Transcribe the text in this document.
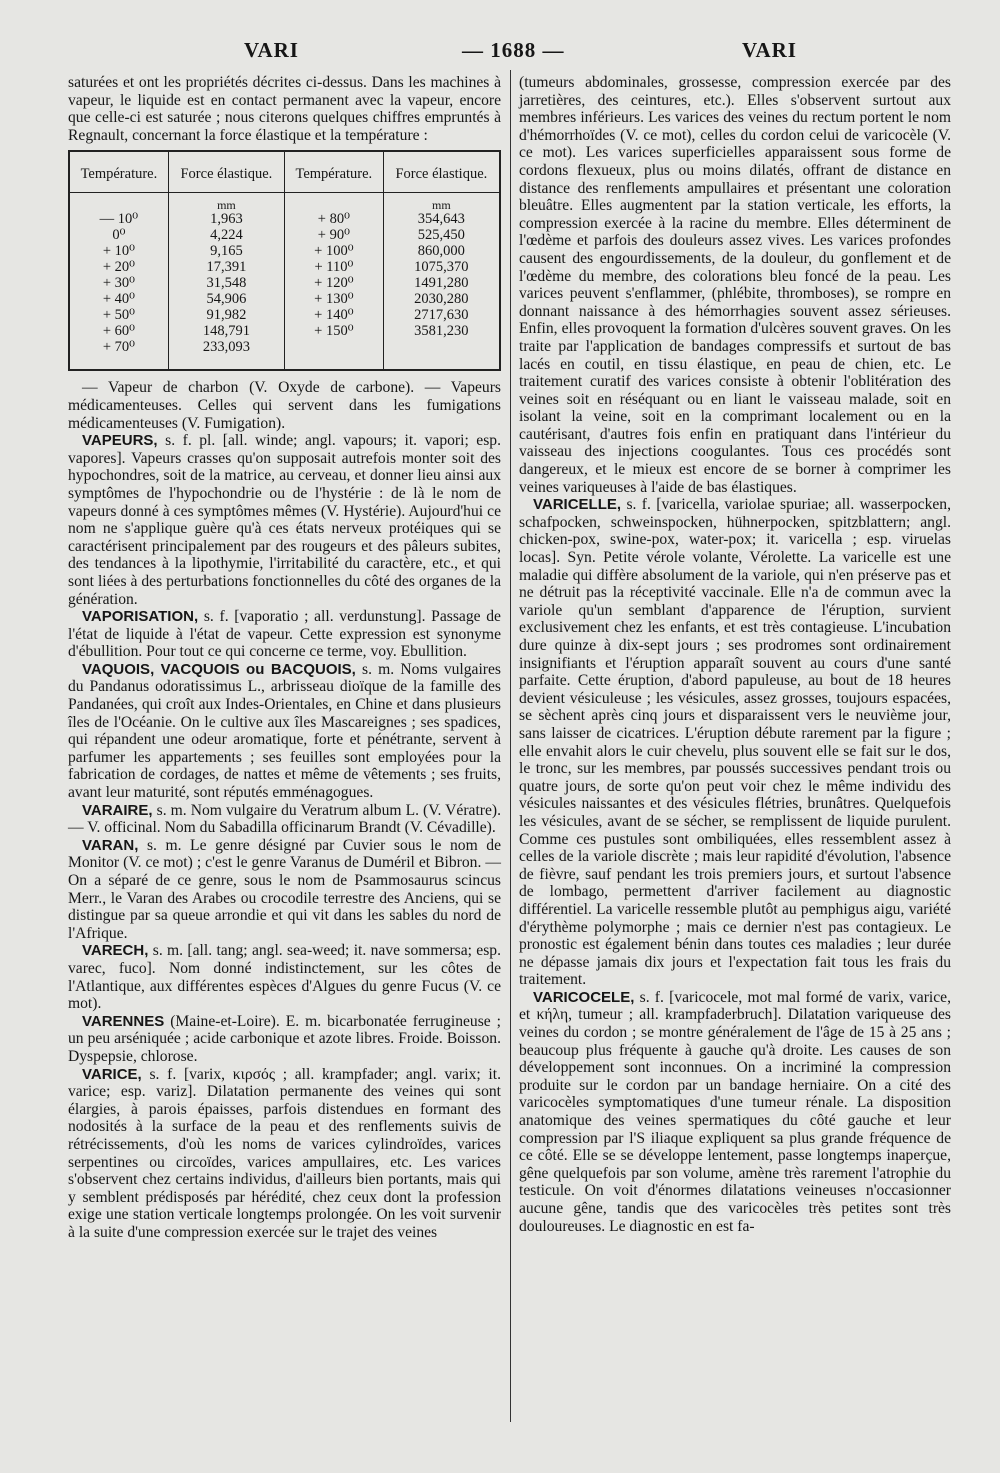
VARI	— 1688 —	VARI

saturées et ont les propriétés décrites ci-dessus. Dans les machines à vapeur, le liquide est en contact permanent avec la vapeur, encore que celle-ci est saturée ; nous citerons quelques chiffres empruntés à Regnault, concernant la force élastique et la température :

Température.	Force élastique.	Température.	Force élastique.
	mm		mm
— 10⁰	1,963	+ 80⁰	354,643
0⁰	4,224	+ 90⁰	525,450
+ 10⁰	9,165	+ 100⁰	860,000
+ 20⁰	17,391	+ 110⁰	1075,370
+ 30⁰	31,548	+ 120⁰	1491,280
+ 40⁰	54,906	+ 130⁰	2030,280
+ 50⁰	91,982	+ 140⁰	2717,630
+ 60⁰	148,791	+ 150⁰	3581,230
+ 70⁰	233,093		

— Vapeur de charbon (V. Oxyde de carbone). — Vapeurs médicamenteuses. Celles qui servent dans les fumigations médicamenteuses (V. Fumigation).

VAPEURS, s. f. pl. [all. winde; angl. vapours; it. vapori; esp. vapores]. Vapeurs crasses qu'on supposait autrefois monter soit des hypochondres, soit de la matrice, au cerveau, et donner lieu ainsi aux symptômes de l'hypochondrie ou de l'hystérie : de là le nom de vapeurs donné à ces symptômes mêmes (V. Hystérie). Aujourd'hui ce nom ne s'applique guère qu'à ces états nerveux protéiques qui se caractérisent principalement par des rougeurs et des pâleurs subites, des tendances à la lipothymie, l'irritabilité du caractère, etc., et qui sont liées à des perturbations fonctionnelles du côté des organes de la génération.

VAPORISATION, s. f. [vaporatio ; all. verdunstung]. Passage de l'état de liquide à l'état de vapeur. Cette expression est synonyme d'ébullition. Pour tout ce qui concerne ce terme, voy. Ebullition.

VAQUOIS, VACQUOIS ou BACQUOIS, s. m. Noms vulgaires du Pandanus odoratissimus L., arbrisseau dioïque de la famille des Pandanées, qui croît aux Indes-Orientales, en Chine et dans plusieurs îles de l'Océanie. On le cultive aux îles Mascareignes ; ses spadices, qui répandent une odeur aromatique, forte et pénétrante, servent à parfumer les appartements ; ses feuilles sont employées pour la fabrication de cordages, de nattes et même de vêtements ; ses fruits, avant leur maturité, sont réputés emménagogues.

VARAIRE, s. m. Nom vulgaire du Veratrum album L. (V. Vératre). — V. officinal. Nom du Sabadilla officinarum Brandt (V. Cévadille).

VARAN, s. m. Le genre désigné par Cuvier sous le nom de Monitor (V. ce mot) ; c'est le genre Varanus de Duméril et Bibron. — On a séparé de ce genre, sous le nom de Psammosaurus scincus Merr., le Varan des Arabes ou crocodile terrestre des Anciens, qui se distingue par sa queue arrondie et qui vit dans les sables du nord de l'Afrique.

VARECH, s. m. [all. tang; angl. sea-weed; it. nave sommersa; esp. varec, fuco]. Nom donné indistinctement, sur les côtes de l'Atlantique, aux différentes espèces d'Algues du genre Fucus (V. ce mot).

VARENNES (Maine-et-Loire). E. m. bicarbonatée ferrugineuse ; un peu arséniquée ; acide carbonique et azote libres. Froide. Boisson. Dyspepsie, chlorose.

VARICE, s. f. [varix, κιρσός ; all. krampfader; angl. varix; it. varice; esp. variz]. Dilatation permanente des veines qui sont élargies, à parois épaisses, parfois distendues en formant des nodosités à la surface de la peau et des renflements suivis de rétrécissements, d'où les noms de varices cylindroïdes, varices serpentines ou circoïdes, varices ampullaires, etc. Les varices s'observent chez certains individus, d'ailleurs bien portants, mais qui y semblent prédisposés par hérédité, chez ceux dont la profession exige une station verticale longtemps prolongée. On les voit survenir à la suite d'une compression exercée sur le trajet des veines

(tumeurs abdominales, grossesse, compression exercée par des jarretières, des ceintures, etc.). Elles s'observent surtout aux membres inférieurs. Les varices des veines du rectum portent le nom d'hémorrhoïdes (V. ce mot), celles du cordon celui de varicocèle (V. ce mot). Les varices superficielles apparaissent sous forme de cordons flexueux, plus ou moins dilatés, offrant de distance en distance des renflements ampullaires et présentant une coloration bleuâtre. Elles augmentent par la station verticale, les efforts, la compression exercée à la racine du membre. Elles déterminent de l'œdème et parfois des douleurs assez vives. Les varices profondes causent des engourdissements, de la douleur, du gonflement et de l'œdème du membre, des colorations bleu foncé de la peau. Les varices peuvent s'enflammer, (phlébite, thromboses), se rompre en donnant naissance à des hémorrhagies souvent assez sérieuses. Enfin, elles provoquent la formation d'ulcères souvent graves. On les traite par l'application de bandages compressifs et surtout de bas lacés en coutil, en tissu élastique, en peau de chien, etc. Le traitement curatif des varices consiste à obtenir l'oblitération des veines soit en réséquant ou en liant le vaisseau malade, soit en isolant la veine, soit en la comprimant localement ou en la cautérisant, d'autres fois enfin en pratiquant dans l'intérieur du vaisseau des injections coogulantes. Tous ces procédés sont dangereux, et le mieux est encore de se borner à comprimer les veines variqueuses à l'aide de bas élastiques.

VARICELLE, s. f. [varicella, variolae spuriae; all. wasserpocken, schafpocken, schweinspocken, hühnerpocken, spitzblattern; angl. chicken-pox, swine-pox, water-pox; it. varicella ; esp. viruelas locas]. Syn. Petite vérole volante, Vérolette. La varicelle est une maladie qui diffère absolument de la variole, qui n'en préserve pas et ne détruit pas la réceptivité vaccinale. Elle n'a de commun avec la variole qu'un semblant d'apparence de l'éruption, survient exclusivement chez les enfants, et est très contagieuse. L'incubation dure quinze à dix-sept jours ; ses prodromes sont ordinairement insignifiants et l'éruption apparaît souvent au cours d'une santé parfaite. Cette éruption, d'abord papuleuse, au bout de 18 heures devient vésiculeuse ; les vésicules, assez grosses, toujours espacées, se sèchent après cinq jours et disparaissent vers le neuvième jour, sans laisser de cicatrices. L'éruption débute rarement par la figure ; elle envahit alors le cuir chevelu, plus souvent elle se fait sur le dos, le tronc, sur les membres, par poussés successives pendant trois ou quatre jours, de sorte qu'on peut voir chez le même individu des vésicules naissantes et des vésicules flétries, brunâtres. Quelquefois les vésicules, avant de se sécher, se remplissent de liquide purulent. Comme ces pustules sont ombiliquées, elles ressemblent assez à celles de la variole discrète ; mais leur rapidité d'évolution, l'absence de fièvre, sauf pendant les trois premiers jours, et surtout l'absence de lombago, permettent d'arriver facilement au diagnostic différentiel. La varicelle ressemble plutôt au pemphigus aigu, variété d'érythème polymorphe ; mais ce dernier n'est pas contagieux. Le pronostic est également bénin dans toutes ces maladies ; leur durée ne dépasse jamais dix jours et l'expectation fait tous les frais du traitement.

VARICOCELE, s. f. [varicocele, mot mal formé de varix, varice, et κήλη, tumeur ; all. krampfaderbruch]. Dilatation variqueuse des veines du cordon ; se montre généralement de l'âge de 15 à 25 ans ; beaucoup plus fréquente à gauche qu'à droite. Les causes de son développement sont inconnues. On a incriminé la compression produite sur le cordon par un bandage herniaire. On a cité des varicocèles symptomatiques d'une tumeur rénale. La disposition anatomique des veines spermatiques du côté gauche et leur compression par l'S iliaque expliquent sa plus grande fréquence de ce côté. Elle se se développe lentement, passe longtemps inaperçue, gêne quelquefois par son volume, amène très rarement l'atrophie du testicule. On voit d'énormes dilatations veineuses n'occasionner aucune gêne, tandis que des varicocèles très petites sont très douloureuses. Le diagnostic en est fa-
